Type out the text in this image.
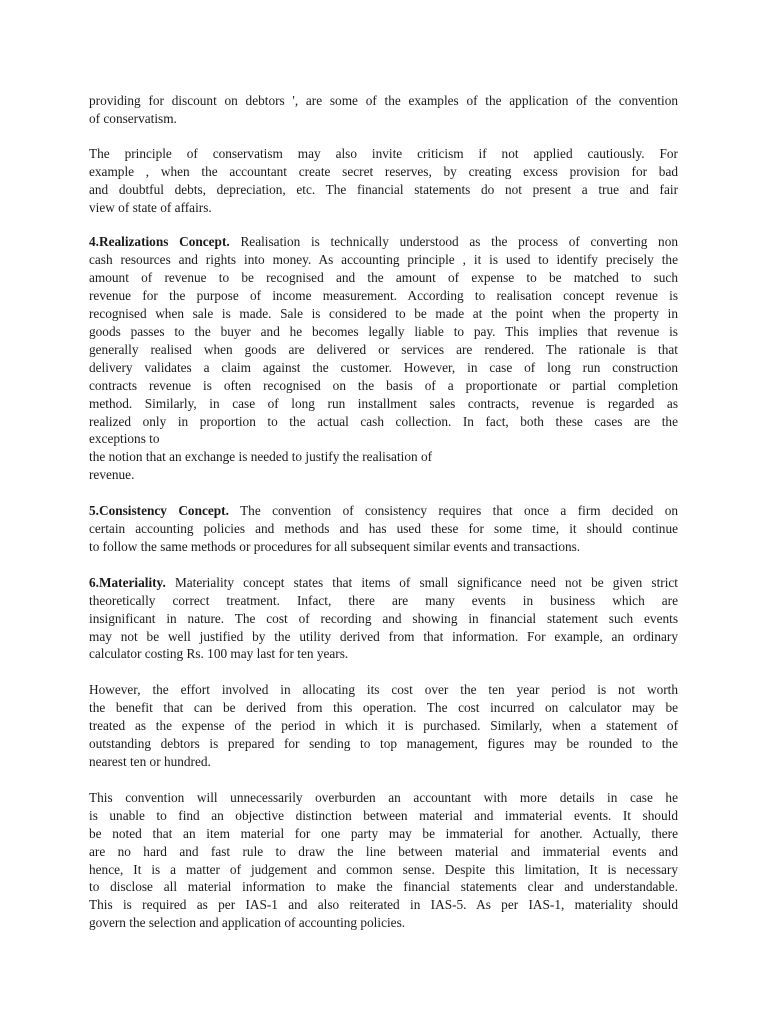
providing for discount on debtors ', are some of the examples of the application of the convention
of conservatism.
The principle of conservatism may also invite criticism if not applied cautiously. For
example , when the accountant create secret reserves, by creating excess provision for bad
and doubtful debts, depreciation, etc. The financial statements do not present a true and fair
view of state of affairs.
4.Realizations Concept. Realisation is technically understood as the process of converting non
cash resources and rights into money. As accounting principle , it is used to identify precisely the
amount of revenue to be recognised and the amount of expense to be matched to such
revenue for the purpose of income measurement. According to realisation concept revenue is
recognised when sale is made. Sale is considered to be made at the point when the property in
goods passes to the buyer and he becomes legally liable to pay. This implies that revenue is
generally realised when goods are delivered or services are rendered. The rationale is that
delivery validates a claim against the customer. However, in case of long run construction
contracts revenue is often recognised on the basis of a proportionate or partial completion
method. Similarly, in case of long run installment sales contracts, revenue is regarded as
realized only in proportion to the actual cash collection. In fact, both these cases are the
exceptions to
the notion that an exchange is needed to justify the realisation of
revenue.
5.Consistency Concept. The convention of consistency requires that once a firm decided on
certain accounting policies and methods and has used these for some time, it should continue
to follow the same methods or procedures for all subsequent similar events and transactions.
6.Materiality. Materiality concept states that items of small significance need not be given strict
theoretically correct treatment. Infact, there are many events in business which are
insignificant in nature. The cost of recording and showing in financial statement such events
may not be well justified by the utility derived from that information. For example, an ordinary
calculator costing Rs. 100 may last for ten years.
However, the effort involved in allocating its cost over the ten year period is not worth
the benefit that can be derived from this operation. The cost incurred on calculator may be
treated as the expense of the period in which it is purchased. Similarly, when a statement of
outstanding debtors is prepared for sending to top management, figures may be rounded to the
nearest ten or hundred.
This convention will unnecessarily overburden an accountant with more details in case he
is unable to find an objective distinction between material and immaterial events. It should
be noted that an item material for one party may be immaterial for another. Actually, there
are no hard and fast rule to draw the line between material and immaterial events and
hence, It is a matter of judgement and common sense. Despite this limitation, It is necessary
to disclose all material information to make the financial statements clear and understandable.
This is required as per IAS-1 and also reiterated in IAS-5. As per IAS-1, materiality should
govern the selection and application of accounting policies.
